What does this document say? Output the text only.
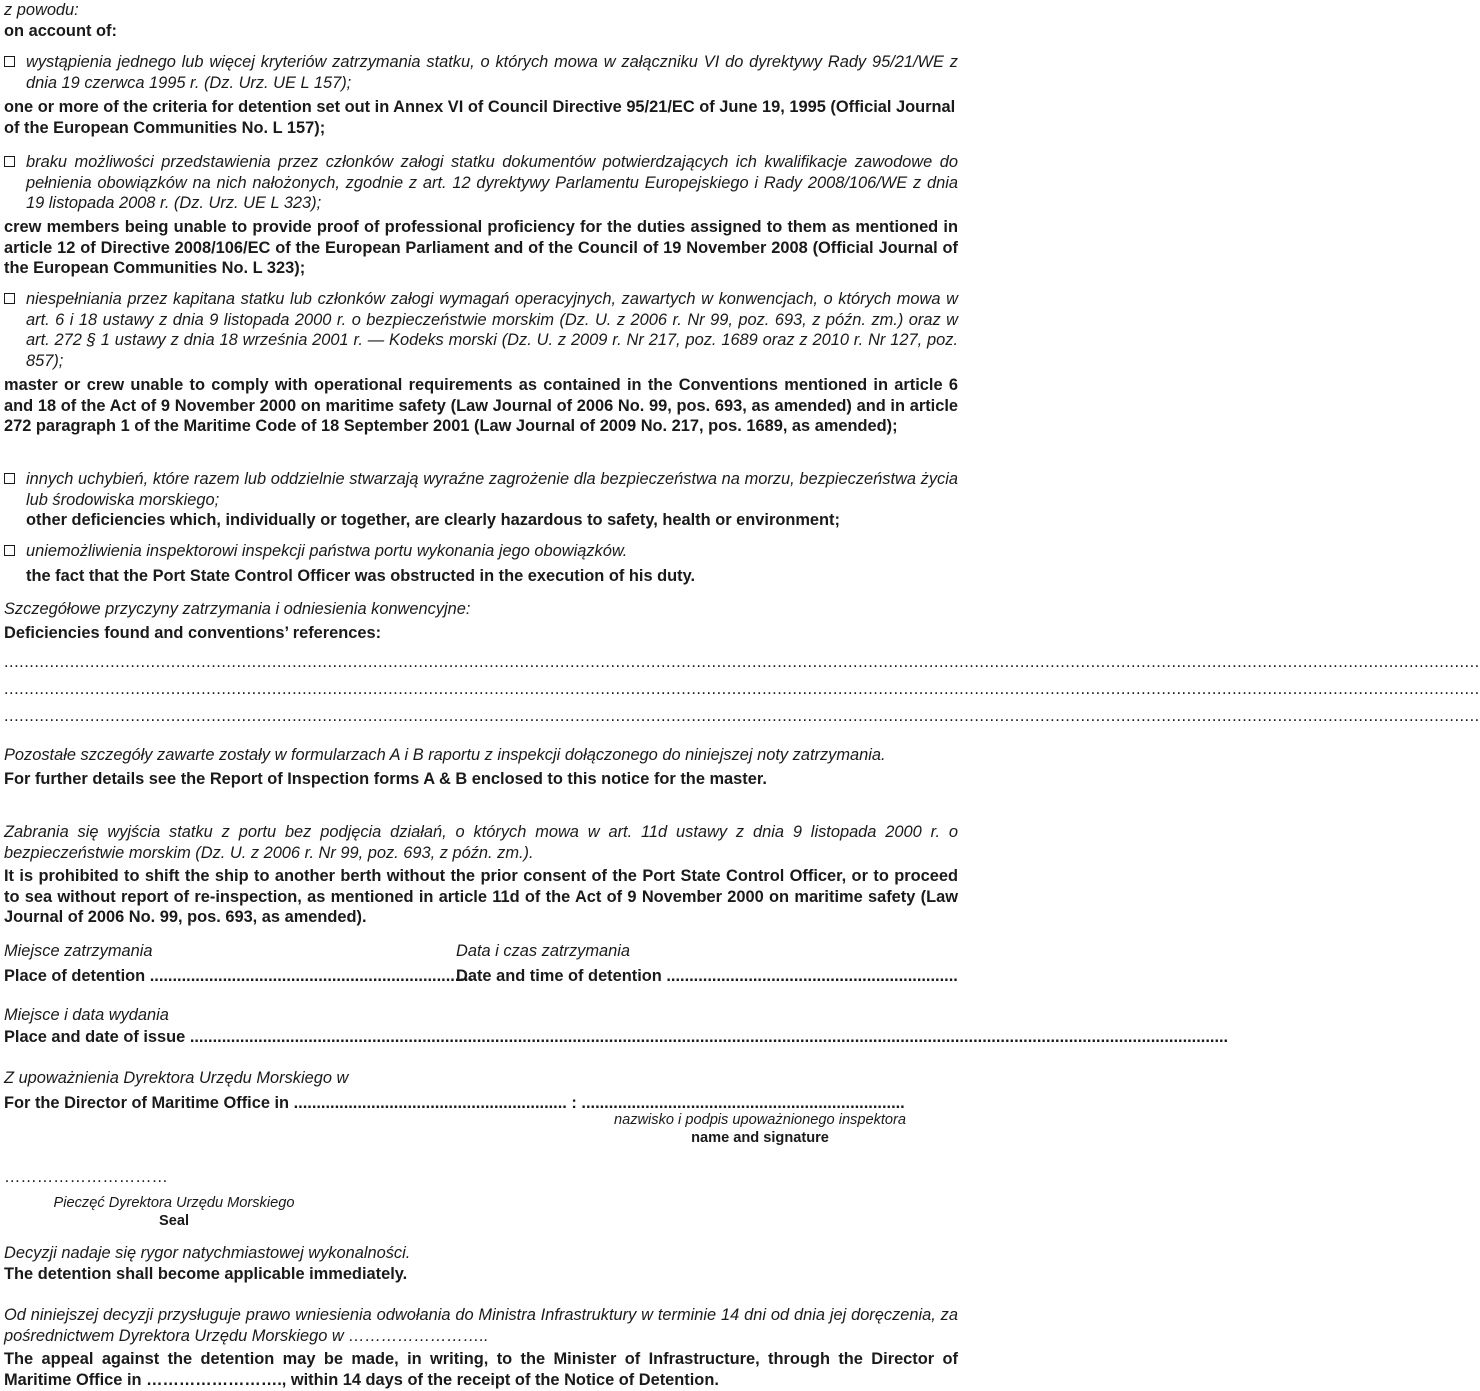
z powodu:
on account of:
wystąpienia jednego lub więcej kryteriów zatrzymania statku, o których mowa w załączniku VI do dyrektywy Rady 95/21/WE z dnia 19 czerwca 1995 r. (Dz. Urz. UE L 157);
one or more of the criteria for detention set out in Annex VI of Council Directive 95/21/EC of June 19, 1995 (Official Journal of the European Communities No. L 157);
braku możliwości przedstawienia przez członków załogi statku dokumentów potwierdzających ich kwalifikacje zawodowe do pełnienia obowiązków na nich nałożonych, zgodnie z art. 12 dyrektywy Parlamentu Europejskiego i Rady 2008/106/WE z dnia 19 listopada 2008 r. (Dz. Urz. UE L 323);
crew members being unable to provide proof of professional proficiency for the duties assigned to them as mentioned in article 12 of Directive 2008/106/EC of the European Parliament and of the Council of 19 November 2008 (Official Journal of the European Communities No. L 323);
niespełniania przez kapitana statku lub członków załogi wymagań operacyjnych, zawartych w konwencjach, o których mowa w art. 6 i 18 ustawy z dnia 9 listopada 2000 r. o bezpieczeństwie morskim (Dz. U. z 2006 r. Nr 99, poz. 693, z późn. zm.) oraz w art. 272 § 1 ustawy z dnia 18 września 2001 r. — Kodeks morski (Dz. U. z 2009 r. Nr 217, poz. 1689 oraz z 2010 r. Nr 127, poz. 857);
master or crew unable to comply with operational requirements as contained in the Conventions mentioned in article 6 and 18 of the Act of 9 November 2000 on maritime safety (Law Journal of 2006 No. 99, pos. 693, as amended) and in article 272 paragraph 1 of the Maritime Code of 18 September 2001 (Law Journal of 2009 No. 217, pos. 1689, as amended);
innych uchybień, które razem lub oddzielnie stwarzają wyraźne zagrożenie dla bezpieczeństwa na morzu, bezpieczeństwa życia lub środowiska morskiego;
other deficiencies which, individually or together, are clearly hazardous to safety, health or environment;
uniemożliwienia inspektorowi inspekcji państwa portu wykonania jego obowiązków.
the fact that the Port State Control Officer was obstructed in the execution of his duty.
Szczegółowe przyczyny zatrzymania i odniesienia konwencyjne:
Deficiencies found and conventions’ references:
....................................................................................................................................................................................................................................................................................................
....................................................................................................................................................................................................................................................................................................
....................................................................................................................................................................................................................................................................................................
Pozostałe szczegóły zawarte zostały w formularzach A i B raportu z inspekcji dołączonego do niniejszej noty zatrzymania.
For further details see the Report of Inspection forms A & B enclosed to this notice for the master.
Zabrania się wyjścia statku z portu bez podjęcia działań, o których mowa w art. 11d ustawy z dnia 9 listopada 2000 r. o bezpieczeństwie morskim (Dz. U. z 2006 r. Nr 99, poz. 693, z późn. zm.).
It is prohibited to shift the ship to another berth without the prior consent of the Port State Control Officer, or to proceed to sea without report of re-inspection, as mentioned in article 11d of the Act of 9 November 2000 on maritime safety (Law Journal of 2006 No. 99, pos. 693, as amended).
Miejsce zatrzymania
Place of detention .......................................................................
Data i czas zatrzymania
Date and time of detention ................................................................
Miejsce i data wydania
Place and date of issue ....................................................................................................................................................................................................................................
Z upoważnienia Dyrektora Urzędu Morskiego w
For the Director of Maritime Office in ............................................................ : .......................................................................
nazwisko i podpis upoważnionego inspektora
name and signature
…………………………
Pieczęć Dyrektora Urzędu Morskiego
Seal
Decyzji nadaje się rygor natychmiastowej wykonalności.
The detention shall become applicable immediately.
Od niniejszej decyzji przysługuje prawo wniesienia odwołania do Ministra Infrastruktury w terminie 14 dni od dnia jej doręczenia, za pośrednictwem Dyrektora Urzędu Morskiego w ……………………..
The appeal against the detention may be made, in writing, to the Minister of Infrastructure, through the Director of Maritime Office in ……………………., within 14 days of the receipt of the Notice of Detention.
